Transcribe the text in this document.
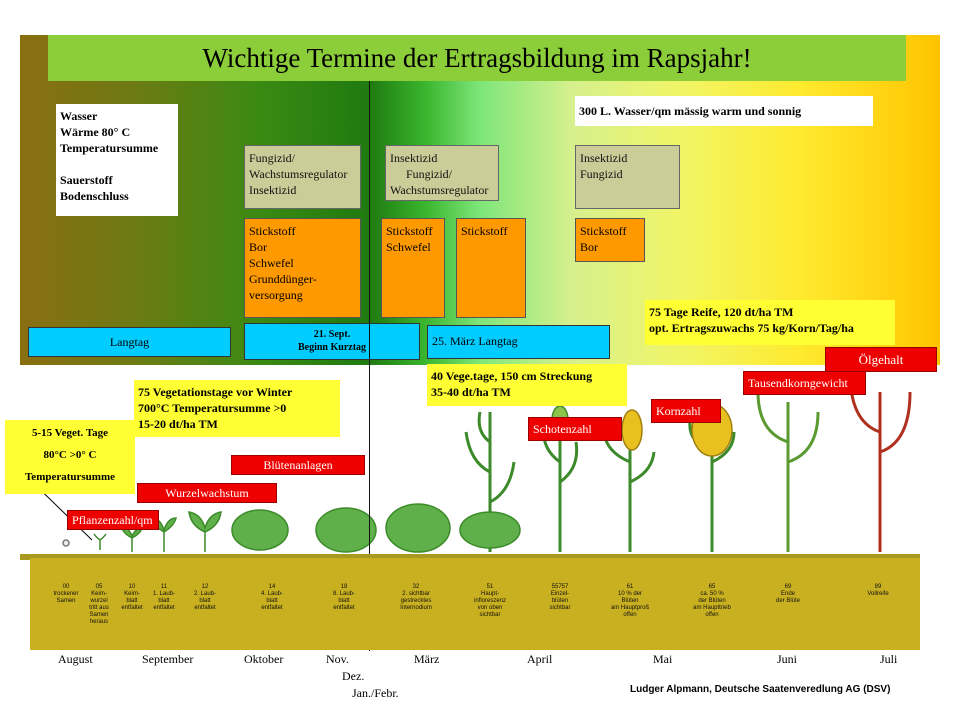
Wichtige Termine der Ertragsbildung im Rapsjahr!
Wasser
Wärme 80° C
Temperatursumme
Sauerstoff
Bodenschluss
300 L. Wasser/qm mässig warm und sonnig
Fungizid/
Wachstumsregulator
Insektizid
Insektizid
Fungizid/
Wachstumsregulator
Insektizid
Fungizid
Stickstoff
Bor
Schwefel
Grunddünger-
versorgung
Stickstoff
Schwefel
Stickstoff	Stickstoff
Bor
Langtag
21. Sept.
Beginn Kurztag	25. März Langtag
75 Tage Reife, 120 dt/ha TM
opt. Ertragszuwachs 75 kg/Korn/Tag/ha
75 Vegetationstage vor Winter
700°C Temperatursumme >0
15-20 dt/ha TM
40 Vege.tage, 150 cm Streckung
35-40 dt/ha TM
5-15 Veget. Tage
80°C >0° C
Temperatursumme
Pflanzenzahl/qm
Wurzelwachstum
Blütenanlagen
Schotenzahl
Kornzahl
Tausendkorngewicht
Ölgehalt
00
trockener
Samen
05
Keim-
wurzel
tritt aus
Samen
heraus
10
Keim-
blatt
entfaltet
11
1. Laub-
blatt
entfaltet
12
2. Laub-
blatt
entfaltet
14
4. Laub-
blatt
entfaltet
18
8. Laub-
blatt
entfaltet
32
2. sichtbar
gestrecktes
Internodium
51
Haupt-
infloreszenz
von oben
sichtbar
55757
Einzel-
blüten
sichtbar
61
10 % der Blüten
am Hauptproß
offen
65
ca. 50 %
der Blüten
am Haupttrieb
offen
69
Ende
der Blüte
89
Vollreife
August	September	Oktober	Nov.
Dez.
Jan./Febr.
März	April	Mai	Juni	Juli
Ludger Alpmann, Deutsche Saatenveredlung AG (DSV)
